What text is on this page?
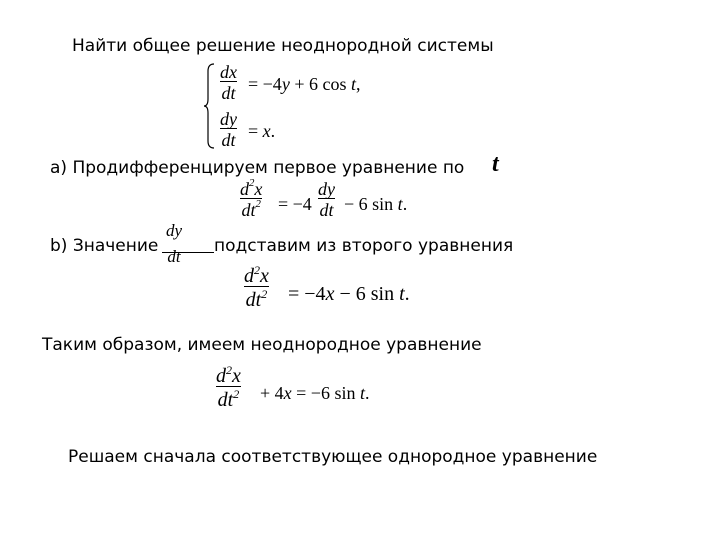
Найти общее решение неоднородной системы
dx
dt = −4y + 6 cos t,
dy
dt = x.
а) Продифференцируем первое уравнение по t
$d^2x$
$dt^2 = -4$
dy
dt − 6 sin t.
b) Значение
dy
dt
подставим из второго уравнения
$d^2x$
$dt^2 = -4x - 6$ sin t.
Таким образом, имеем неоднородное уравнение
$d^2x$
$dt^2 + 4x = -6$ sin t.
Решаем сначала соответствующее однородное уравнение
